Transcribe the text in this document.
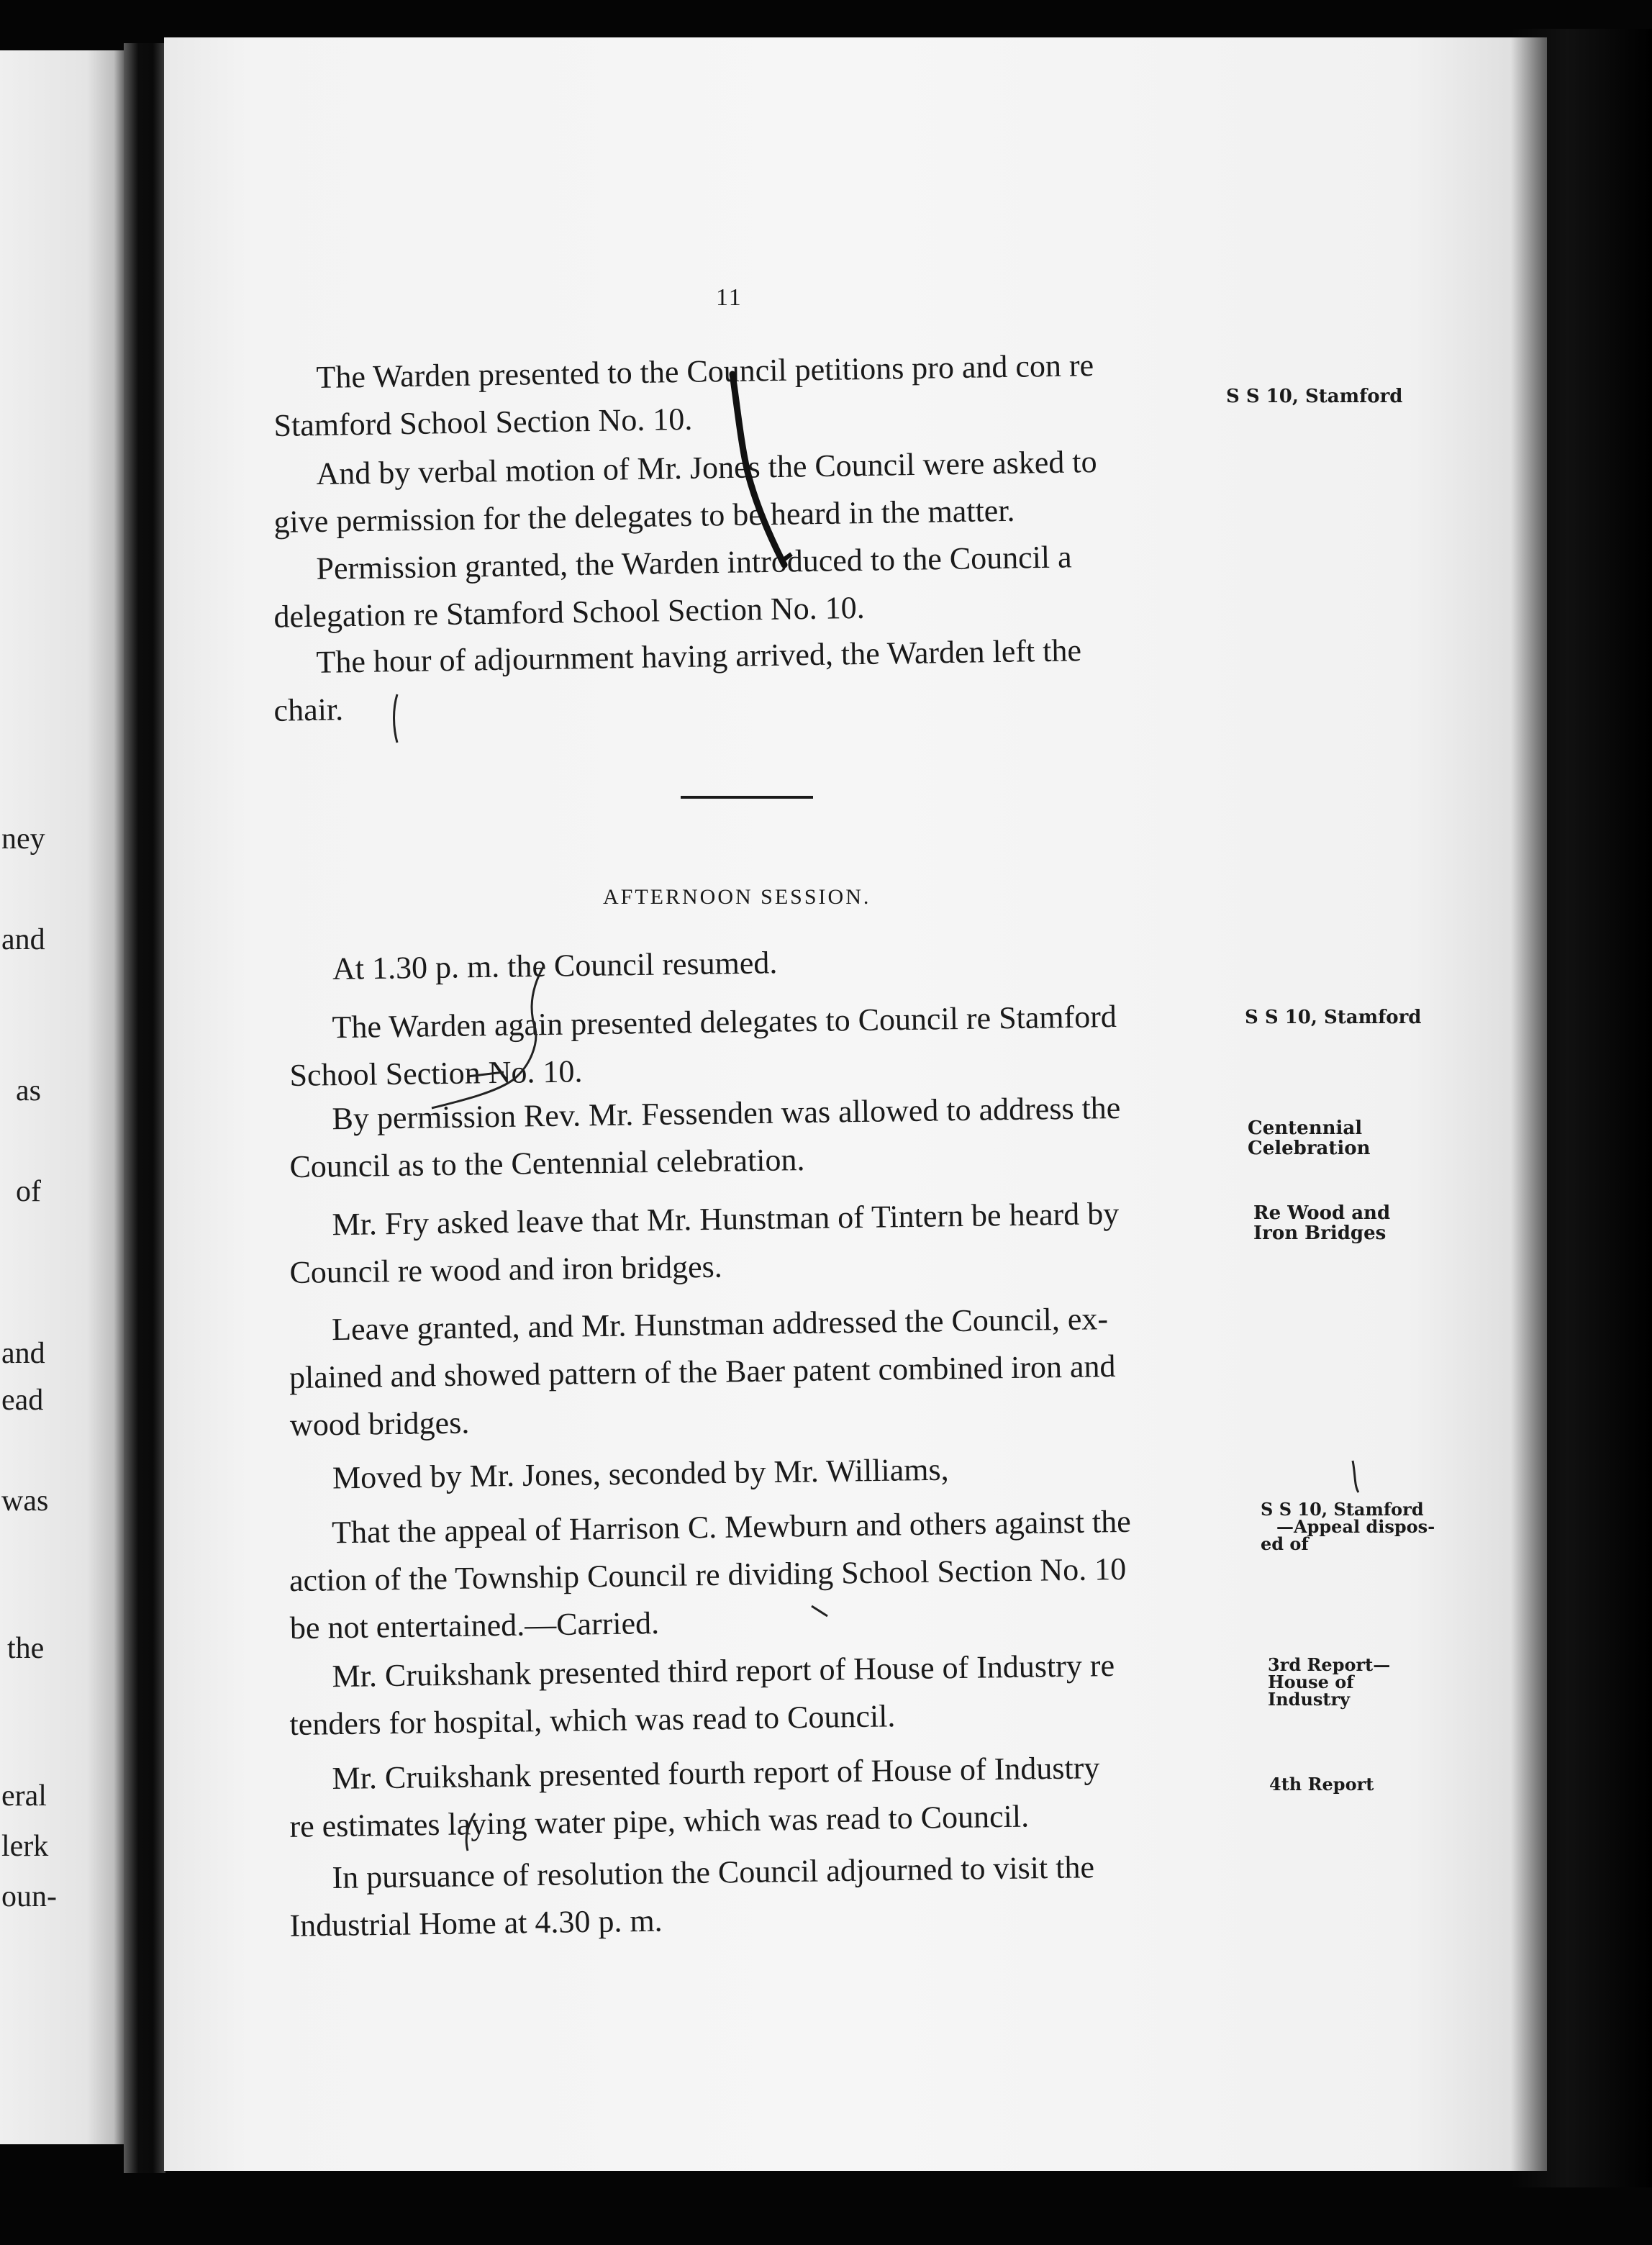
ney
and
as
of
and
ead
was
the
eral
lerk
oun-
11
The Warden presented to the Council petitions pro and con re
Stamford School Section No. 10.
And by verbal motion of Mr. Jones the Council were asked to
give permission for the delegates to be heard in the matter.
Permission granted, the Warden introduced to the Council a
delegation re Stamford School Section No. 10.
The hour of adjournment having arrived, the Warden left the
chair.
AFTERNOON SESSION.
At 1.30 p. m. the Council resumed.
The Warden again presented delegates to Council re Stamford
School Section No. 10.
By permission Rev. Mr. Fessenden was allowed to address the
Council as to the Centennial celebration.
Mr. Fry asked leave that Mr. Hunstman of Tintern be heard by
Council re wood and iron bridges.
Leave granted, and Mr. Hunstman addressed the Council, ex-
plained and showed pattern of the Baer patent combined iron and
wood bridges.
Moved by Mr. Jones, seconded by Mr. Williams,
That the appeal of Harrison C. Mewburn and others against the
action of the Township Council re dividing School Section No. 10
be not entertained.—Carried.
Mr. Cruikshank presented third report of House of Industry re
tenders for hospital, which was read to Council.
Mr. Cruikshank presented fourth report of House of Industry
re estimates laying water pipe, which was read to Council.
In pursuance of resolution the Council adjourned to visit the
Industrial Home at 4.30 p. m.
S S 10, Stamford
S S 10, Stamford
Centennial
Celebration
Re Wood and
Iron Bridges
S S 10, Stamford
—Appeal dispos-
ed of
3rd Report—
House of
Industry
4th Report
